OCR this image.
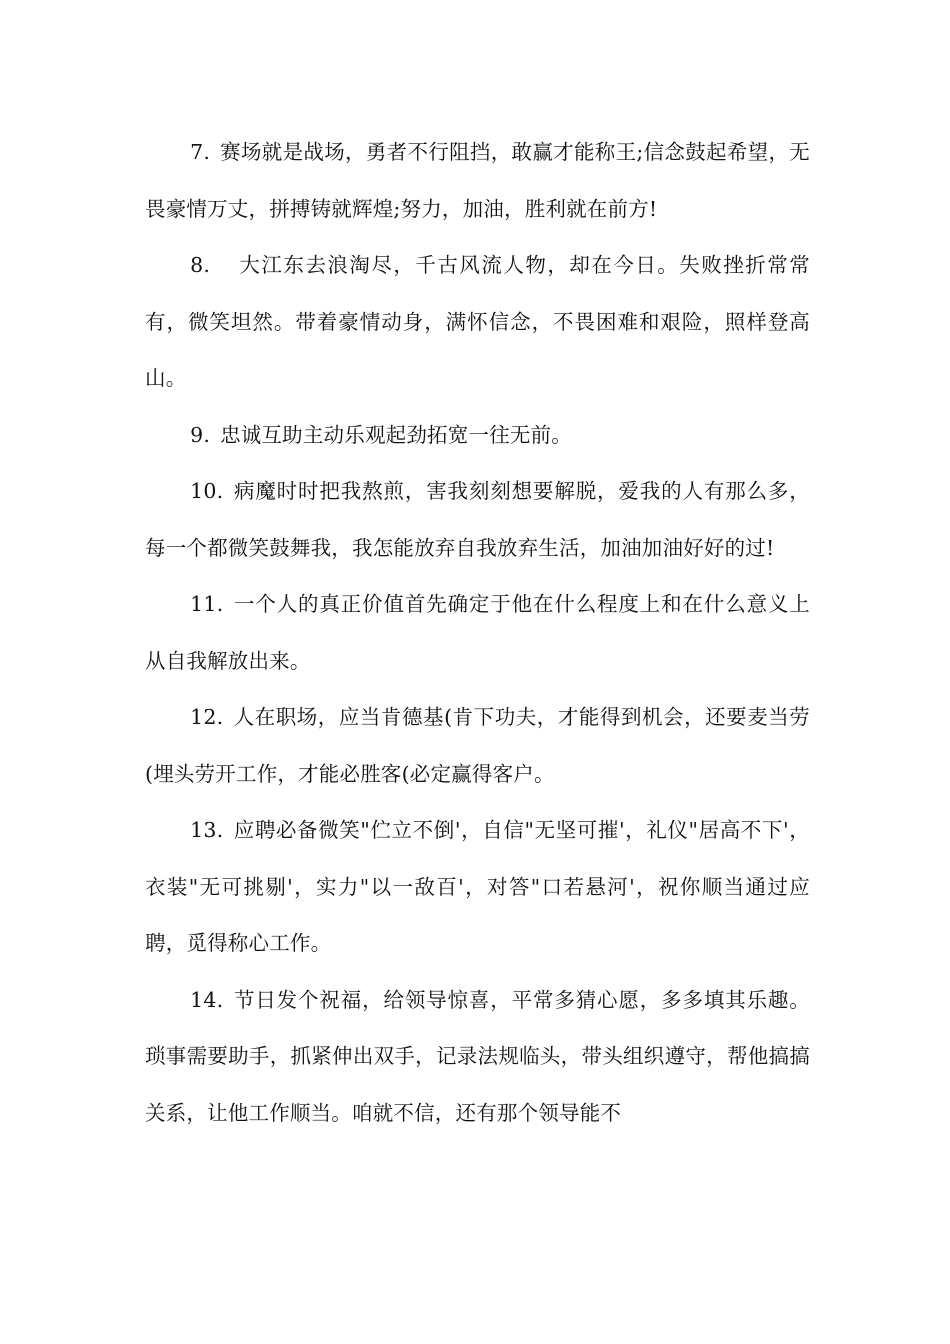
7. 赛场就是战场，勇者不行阻挡，敢赢才能称王;信念鼓起希望，无畏豪情万丈，拼搏铸就辉煌;努力，加油，胜利就在前方!

8. 大江东去浪淘尽，千古风流人物，却在今日。失败挫折常常有，微笑坦然。带着豪情动身，满怀信念，不畏困难和艰险，照样登高山。

9. 忠诚互助主动乐观起劲拓宽一往无前。

10. 病魔时时把我熬煎，害我刻刻想要解脱，爱我的人有那么多，每一个都微笑鼓舞我，我怎能放弃自我放弃生活，加油加油好好的过!

11. 一个人的真正价值首先确定于他在什么程度上和在什么意义上从自我解放出来。

12. 人在职场，应当肯德基(肯下功夫，才能得到机会，还要麦当劳(埋头劳开工作，才能必胜客(必定赢得客户。

13. 应聘必备微笑"伫立不倒'，自信"无坚可摧'，礼仪"居高不下'，衣装"无可挑剔'，实力"以一敌百'，对答"口若悬河'，祝你顺当通过应聘，觅得称心工作。

14. 节日发个祝福，给领导惊喜，平常多猜心愿，多多填其乐趣。琐事需要助手，抓紧伸出双手，记录法规临头，带头组织遵守，帮他搞搞关系，让他工作顺当。咱就不信，还有那个领导能不
